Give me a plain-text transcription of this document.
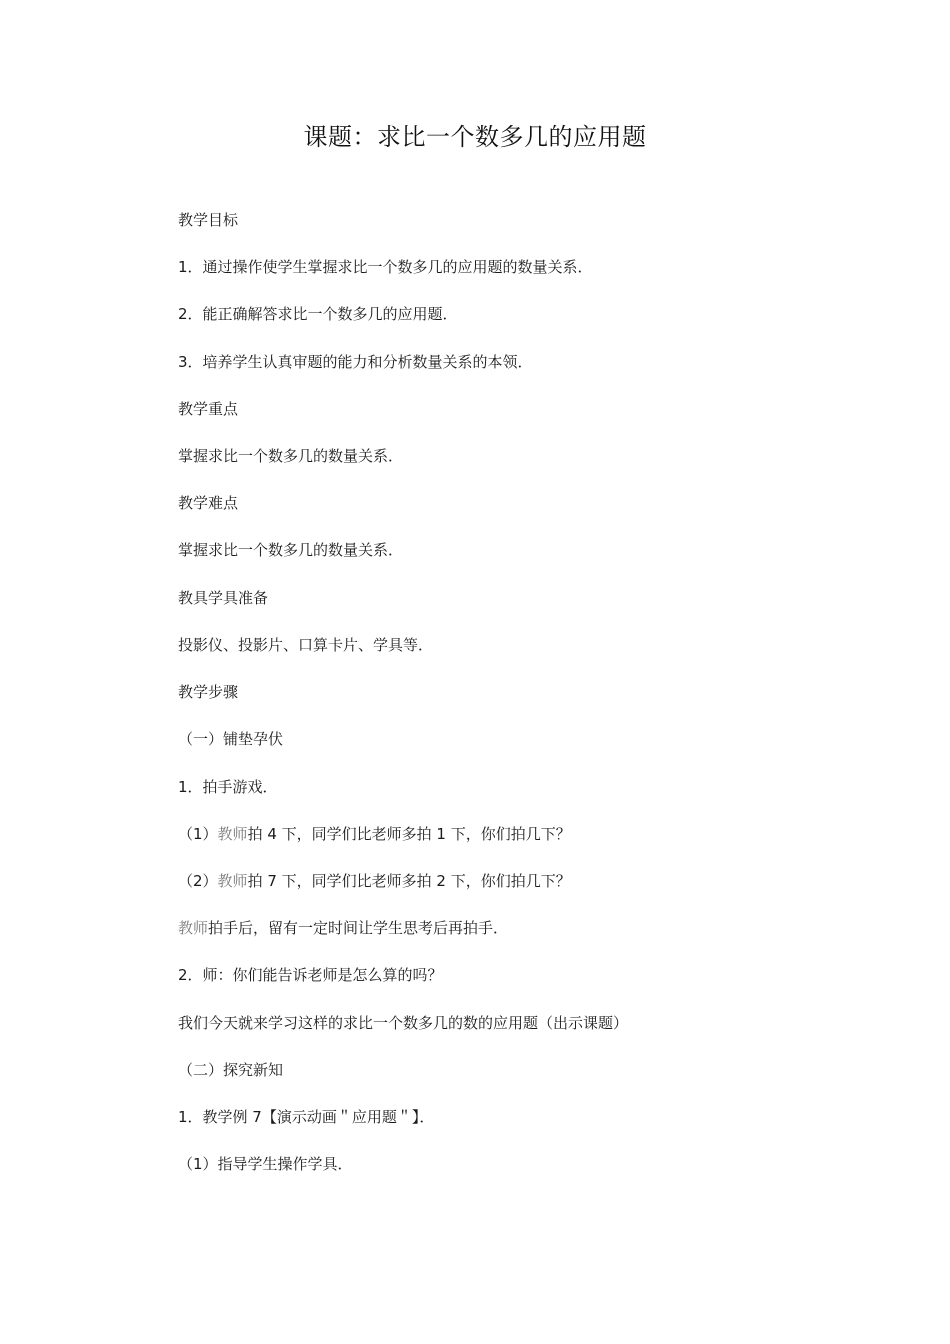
课题：求比一个数多几的应用题
教学目标
1．通过操作使学生掌握求比一个数多几的应用题的数量关系．
2．能正确解答求比一个数多几的应用题．
3．培养学生认真审题的能力和分析数量关系的本领．
教学重点
掌握求比一个数多几的数量关系．
教学难点
掌握求比一个数多几的数量关系．
教具学具准备
投影仪、投影片、口算卡片、学具等．
教学步骤
（一）铺垫孕伏
1．拍手游戏．
（1）教师拍 4 下，同学们比老师多拍 1 下，你们拍几下？
（2）教师拍 7 下，同学们比老师多拍 2 下，你们拍几下？
教师拍手后，留有一定时间让学生思考后再拍手．
2．师：你们能告诉老师是怎么算的吗？
我们今天就来学习这样的求比一个数多几的数的应用题（出示课题）
（二）探究新知
1．教学例 7【演示动画＂应用题＂】．
（1）指导学生操作学具．
